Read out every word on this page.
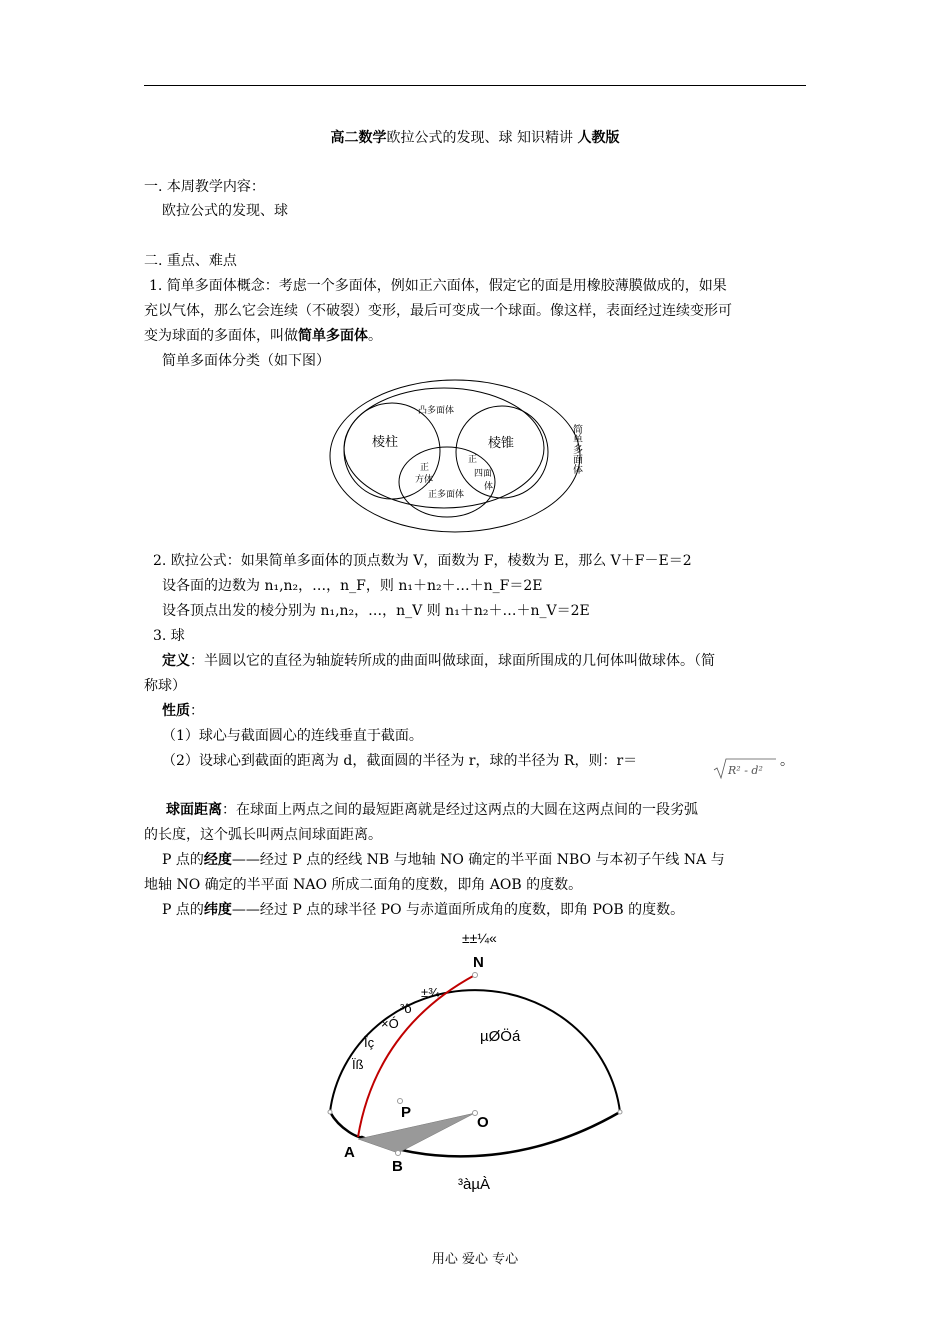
高二数学欧拉公式的发现、球 知识精讲 人教版
一. 本周教学内容：
欧拉公式的发现、球
二. 重点、难点
1. 简单多面体概念：考虑一个多面体，例如正六面体，假定它的面是用橡胶薄膜做成的，如果
充以气体，那么它会连续（不破裂）变形，最后可变成一个球面。像这样，表面经过连续变形可
变为球面的多面体，叫做简单多面体。
简单多面体分类（如下图）
凸多面体
棱柱	棱锥
正
方体
正
四面
体
正多面体
简单多面体
2. 欧拉公式：如果简单多面体的顶点数为 V，面数为 F，棱数为 E，那么 V＋F－E＝2
设各面的边数为 n₁,n₂，…，n_F，则 n₁＋n₂＋…＋n_F＝2E
设各顶点出发的棱分别为 n₁,n₂，…，n_V 则 n₁＋n₂＋…＋n_V＝2E
3. 球
定义：半圆以它的直径为轴旋转所成的曲面叫做球面，球面所围成的几何体叫做球体。（简
称球）
性质：
（1）球心与截面圆心的连线垂直于截面。
（2）设球心到截面的距离为 d，截面圆的半径为 r，球的半径为 R，则：r＝
R² - d²
。
球面距离：在球面上两点之间的最短距离就是经过这两点的大圆在这两点间的一段劣弧
的长度，这个弧长叫两点间球面距离。
P 点的经度——经过 P 点的经线 NB 与地轴 NO 确定的半平面 NBO 与本初子午线 NA 与
地轴 NO 确定的半平面 NAO 所成二面角的度数，即角 AOB 的度数。
P 点的纬度——经过 P 点的球半径 PO 与赤道面所成角的度数，即角 POB 的度数。
±±¼«
N
±¾
³õ
×Ó
Îç
Ïß
µØÖá
P
O
A
B
³àµÀ
用心 爱心 专心
